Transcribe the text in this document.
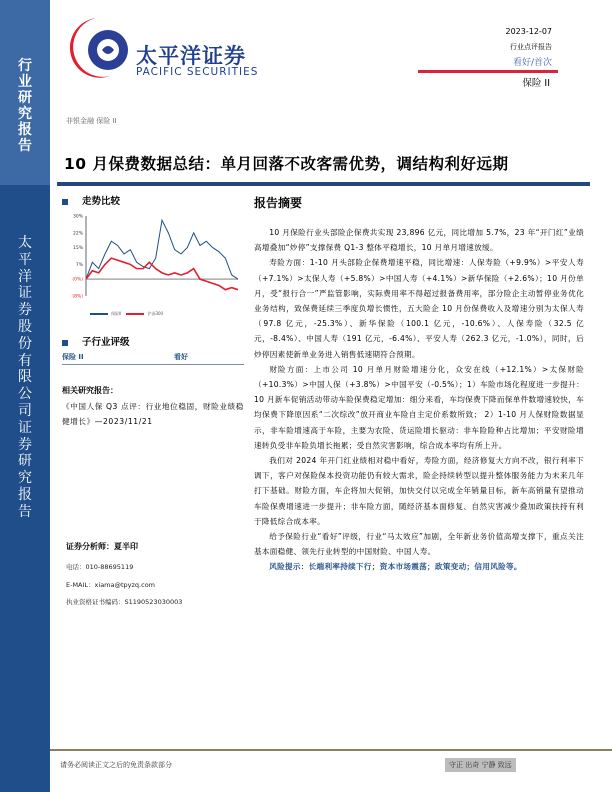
行
业
研
究
报
告
太
平
洋
证
券
股
份
有
限
公
司
证
券
研
究
报
告
太平洋证券
PACIFIC SECURITIES
非银金融 保险 II
2023-12-07
行业点评报告
看好/首次
保险 II
10 月保费数据总结：单月回落不改客需优势，调结构利好远期
走势比较
30%
22%
15%
7%
(0%)
(8%)
保险II	沪深300
子行业评级
保险 II	看好
相关研究报告：
《中国人保 Q3 点评：行业地位稳固，财险业绩稳健增长》—2023/11/21
证券分析师：夏半印
电话：010-88695119
E-MAIL：xiama@tpyzq.com
执业资格证书编码：S1190523030003
报告摘要

10 月保险行业头部险企保费共实现 23,896 亿元，同比增加 5.7%，23 年“开门红”业绩高增叠加“炒停”支撑保费 Q1-3 整体平稳增长，10 月单月增速放缓。

寿险方面：1-10 月头部险企保费增速平稳，同比增速：人保寿险（+9.9%）>平安人寿（+7.1%）>太保人寿（+5.8%）>中国人寿（+4.1%）>新华保险（+2.6%）；10 月份单月，受“报行合一”严监管影响，实际费用率不得超过报备费用率，部分险企主动暂停业务优化业务结构，致保费延续三季度负增长惯性，五大险企 10 月份保费收入及增速分别为太保人寿（97.8 亿元，-25.3%）、新华保险（100.1 亿元，-10.6%）、人保寿险（32.5 亿元，-8.4%）、中国人寿（191 亿元，-6.4%）、平安人寿（262.3 亿元，-1.0%），同时，后炒停因素使新单业务进入销售低速期符合预期。

财险方面：上市公司 10 月单月财险增速分化，众安在线（+12.1%）>太保财险（+10.3%）>中国人保（+3.8%）>中国平安（-0.5%）；1）车险市场化程度进一步提升：10 月新车促销活动带动车险保费稳定增加：细分来看，车均保费下降而保单件数增速较快，车均保费下降原因系“二次综改”放开商业车险自主定价系数所致； 2）1-10 月人保财险数据显示，非车险增速高于车险，主要为农险、货运险增长驱动：非车险险种占比增加；平安财险增速转负受非车险负增长拖累；受自然灾害影响，综合成本率均有所上升。

我们对 2024 年开门红业绩相对稳中看好，寿险方面，经济修复大方向不改，银行利率下调下，客户对保险保本投资功能仍有较大需求，险企持续转型以提升整体服务能力为未来几年打下基础。财险方面，车企将加大促销，加快交付以完成全年销量目标，新车高销量有望推动车险保费增速进一步提升；非车险方面，随经济基本面修复、自然灾害减少叠加政策扶持有利于降低综合成本率。

给予保险行业“看好”评级，行业“马太效应”加剧，全年新业务价值高增支撑下，重点关注基本面稳健、领先行业转型的中国财险、中国人寿。

风险提示：长端利率持续下行；资本市场震荡；政策变动；信用风险等。

请务必阅读正文之后的免责条款部分	守正 出奇 宁静 致远
